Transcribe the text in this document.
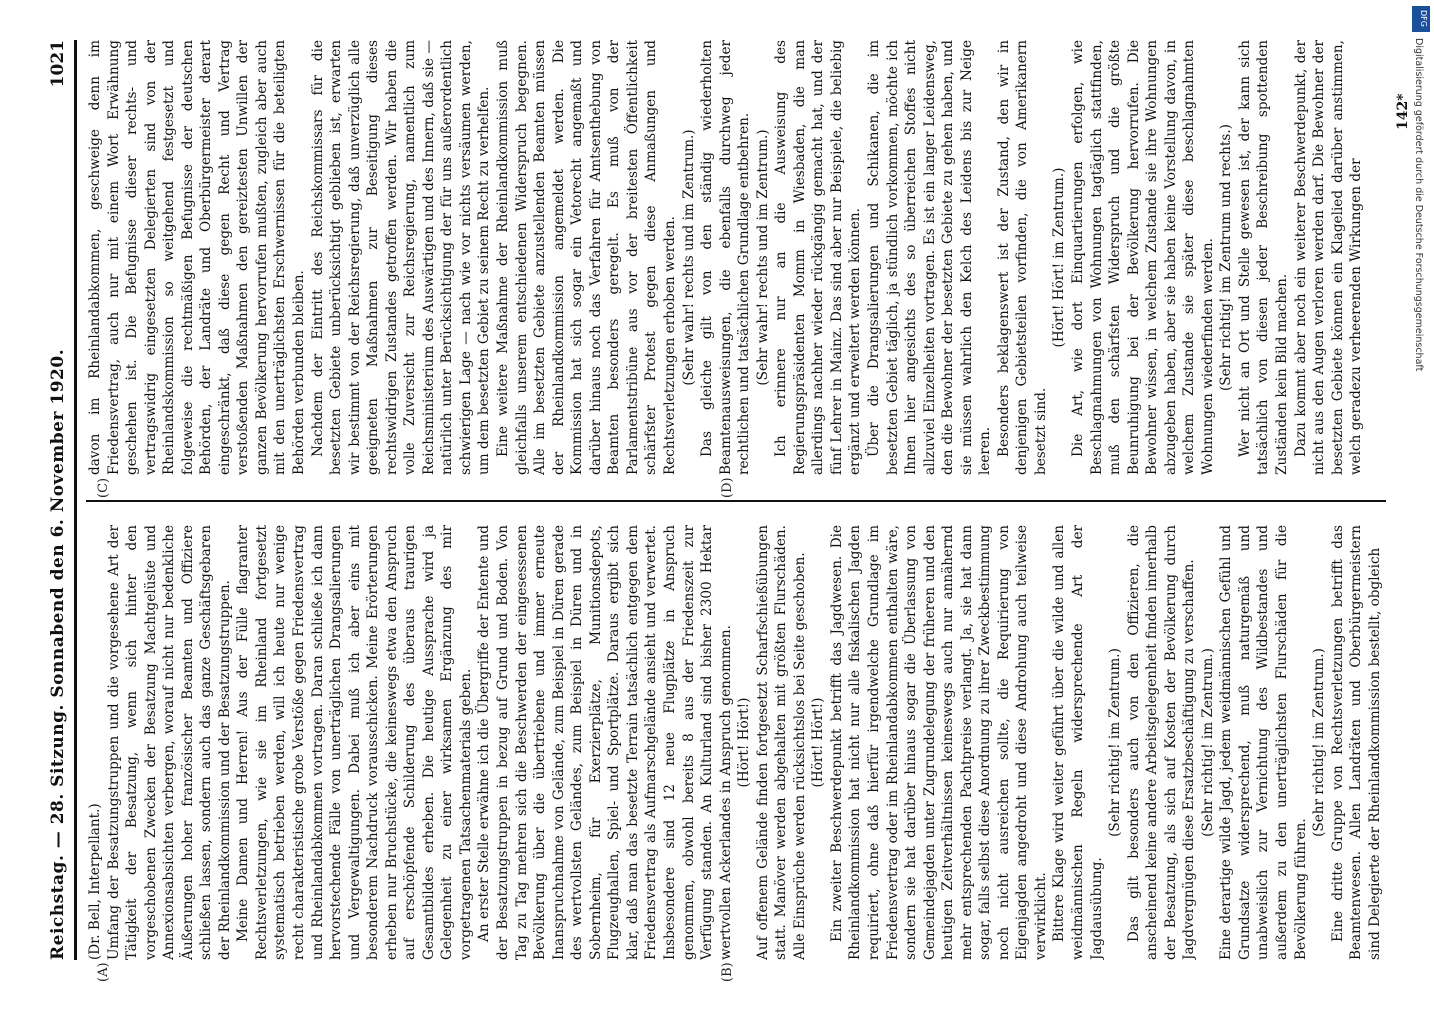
Reichstag. — 28. Sitzung. Sonnabend den 6. November 1920.
1021
(A)	(B)
(C)	(D)

(Dr. Bell, Interpellant.) Umfang der Besatzungstruppen und die vorgesehene Art der Tätigkeit der Besatzung, wenn sich hinter den vorgeschobenen Zwecken der Besatzung Machtgelüste und Annexionsabsichten verbergen, worauf nicht nur bedenkliche Äußerungen hoher französischer Beamten und Offiziere schließen lassen, sondern auch das ganze Geschäftsgebaren der Rheinlandkommission und der Besatzungstruppen. Meine Damen und Herren! Aus der Fülle flagranter Rechtsverletzungen, wie sie im Rheinland fortgesetzt systematisch betrieben werden, will ich heute nur wenige recht charakteristische grobe Verstöße gegen Friedensvertrag und Rheinlandabkommen vortragen. Daran schließe ich dann hervorstechende Fälle von unerträglichen Drangsalierungen und Vergewaltigungen. Dabei muß ich aber eins mit besonderem Nachdruck vorausschicken. Meine Erörterungen erheben nur Bruchstücke, die keineswegs etwa den Anspruch auf erschöpfende Schilderung des überaus traurigen Gesamtbildes erheben. Die heutige Aussprache wird ja Gelegenheit zu einer wirksamen Ergänzung des mir vorgetragenen Tatsachenmaterials geben. An erster Stelle erwähne ich die Übergriffe der Entente und der Besatzungstruppen in bezug auf Grund und Boden. Von Tag zu Tag mehren sich die Beschwerden der eingesessenen Bevölkerung über die übertriebene und immer erneute Inanspruchnahme von Gelände, zum Beispiel in Düren gerade des wertvollsten Geländes, zum Beispiel in Düren und in Sobernheim, für Exerzierplätze, Munitionsdepots, Flugzeughallen, Spiel- und Sportplätze. Daraus ergibt sich klar, daß man das besetzte Terrain tatsächlich entgegen dem Friedensvertrag als Aufmarschgelände ansieht und verwertet. Insbesondere sind 12 neue Flugplätze in Anspruch genommen, obwohl bereits 8 aus der Friedenszeit zur Verfügung standen. An Kulturland sind bisher 2300 Hektar wertvollen Ackerlandes in Anspruch genommen. (Hört! Hört!) Auf offenem Gelände finden fortgesetzt Scharfschießübungen statt. Manöver werden abgehalten mit größten Flurschäden. Alle Einsprüche werden rücksichtslos bei Seite geschoben. (Hört! Hört!) Ein zweiter Beschwerdepunkt betrifft das Jagdwesen. Die Rheinlandkommission hat nicht nur alle fiskalischen Jagden requiriert, ohne daß hierfür irgendwelche Grundlage im Friedensvertrag oder im Rheinlandabkommen enthalten wäre, sondern sie hat darüber hinaus sogar die Überlassung von Gemeindejagden unter Zugrundelegung der früheren und den heutigen Zeitverhältnissen keineswegs auch nur annähernd mehr entsprechenden Pachtpreise verlangt. Ja, sie hat dann sogar, falls selbst diese Anordnung zu ihrer Zweckbestimmung noch nicht ausreichen sollte, die Requirierung von Eigenjagden angedroht und diese Androhung auch teilweise verwirklicht. Bittere Klage wird weiter geführt über die wilde und allen weidmännischen Regeln widersprechende Art der Jagdausübung.

(Sehr richtig! im Zentrum.) Das gilt besonders auch von den Offizieren, die anscheinend keine andere Arbeitsgelegenheit finden innerhalb der Besatzung, als sich auf Kosten der Bevölkerung durch Jagdvergnügen diese Ersatzbeschäftigung zu verschaffen. (Sehr richtig! im Zentrum.) Eine derartige wilde Jagd, jedem weidmännischen Gefühl und Grundsatze widersprechend, muß naturgemäß und unabweislich zur Vernichtung des Wildbestandes und außerdem zu den unerträglichsten Flurschäden für die Bevölkerung führen.

(Sehr richtig! im Zentrum.) Eine dritte Gruppe von Rechtsverletzungen betrifft das Beamtenwesen. Allen Landräten und Oberbürgermeistern sind Delegierte der Rheinlandkommission bestellt, obgleich

davon im Rheinlandabkommen, geschweige denn im Friedensvertrag, auch nur mit einem Wort Erwähnung geschehen ist. Die Befugnisse dieser rechts- und vertragswidrig eingesetzten Delegierten sind von der Rheinlandskommission so weitgehend festgesetzt und folgeweise die rechtmäßigen Befugnisse der deutschen Behörden, der Landräte und Oberbürgermeister derart eingeschränkt, daß diese gegen Recht und Vertrag verstoßenden Maßnahmen den gereiztesten Unwillen der ganzen Bevölkerung hervorrufen mußten, zugleich aber auch mit den unerträglichsten Erschwernissen für die beteiligten Behörden verbunden bleiben. Nachdem der Eintritt des Reichskommissars für die besetzten Gebiete unberücksichtigt geblieben ist, erwarten wir bestimmt von der Reichsregierung, daß unverzüglich alle geeigneten Maßnahmen zur Beseitigung dieses rechtswidrigen Zustandes getroffen werden. Wir haben die volle Zuversicht zur Reichsregierung, namentlich zum Reichsministerium des Auswärtigen und des Innern, daß sie — natürlich unter Berücksichtigung der für uns außerordentlich schwierigen Lage — nach wie vor nichts versäumen werden, um dem besetzten Gebiet zu seinem Recht zu verhelfen. Eine weitere Maßnahme der Rheinlandkommission muß gleichfalls unserem entschiedenen Widerspruch begegnen. Alle im besetzten Gebiete anzustellenden Beamten müssen der Rheinlandkommission angemeldet werden. Die Kommission hat sich sogar ein Vetorecht angemaßt und darüber hinaus noch das Verfahren für Amtsenthebung von Beamten besonders geregelt. Es muß von der Parlamentstribüne aus vor der breitesten Öffentlichkeit schärfster Protest gegen diese Anmaßungen und Rechtsverletzungen erhoben werden. (Sehr wahr! rechts und im Zentrum.) Das gleiche gilt von den ständig wiederholten Beamtenausweisungen, die ebenfalls durchweg jeder rechtlichen und tatsächlichen Grundlage entbehren. (Sehr wahr! rechts und im Zentrum.) Ich erinnere nur an die Ausweisung des Regierungspräsidenten Momm in Wiesbaden, die man allerdings nachher wieder rückgängig gemacht hat, und der fünf Lehrer in Mainz. Das sind aber nur Beispiele, die beliebig ergänzt und erweitert werden können. Über die Drangsalierungen und Schikanen, die im besetzten Gebiet täglich, ja stündlich vorkommen, möchte ich Ihnen hier angesichts des so überreichen Stoffes nicht allzuviel Einzelheiten vortragen. Es ist ein langer Leidensweg, den die Bewohner der besetzten Gebiete zu gehen haben, und sie müssen wahrlich den Kelch des Leidens bis zur Neige leeren. Besonders beklagenswert ist der Zustand, den wir in denjenigen Gebietsteilen vorfinden, die von Amerikanern besetzt sind.

(Hört! Hört! im Zentrum.) Die Art, wie dort Einquartierungen erfolgen, wie Beschlagnahmungen von Wohnungen tagtäglich stattfinden, muß den schärfsten Widerspruch und die größte Beunruhigung bei der Bevölkerung hervorrufen. Die Bewohner wissen, in welchem Zustande sie ihre Wohnungen abzugeben haben, aber sie haben keine Vorstellung davon, in welchem Zustande sie später diese beschlagnahmten Wohnungen wiederfinden werden. (Sehr richtig! im Zentrum und rechts.) Wer nicht an Ort und Stelle gewesen ist, der kann sich tatsächlich von diesen jeder Beschreibung spottenden Zuständen kein Bild machen. Dazu kommt aber noch ein weiterer Beschwerdepunkt, der nicht aus den Augen verloren werden darf. Die Bewohner der besetzten Gebiete können ein Klagelied darüber anstimmen, welch geradezu verheerenden Wirkungen der

142* Digitalisierung gefördert durch die Deutsche Forschungsgemeinschaft
DFG
